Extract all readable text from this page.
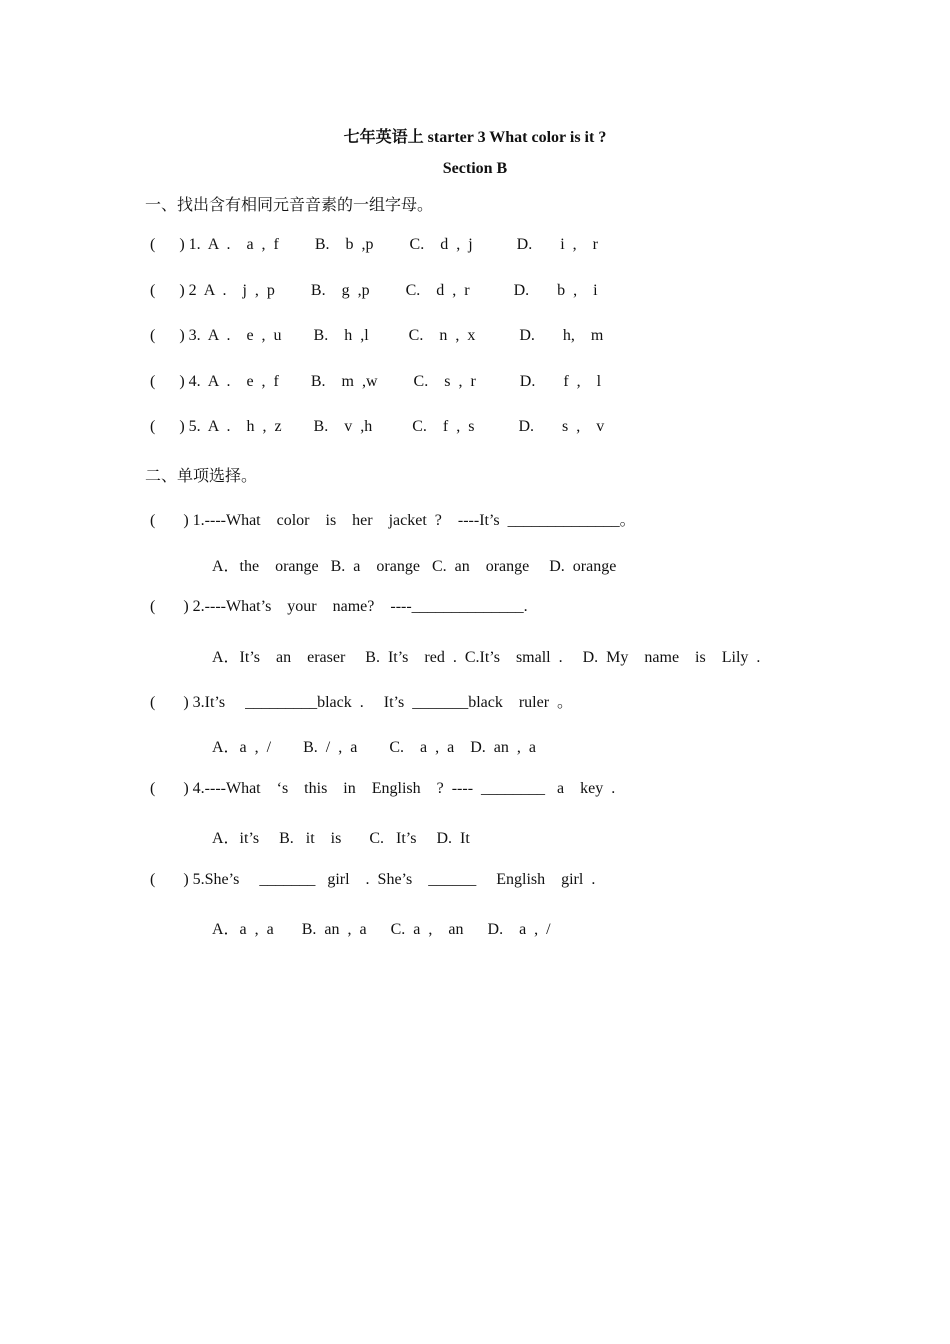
七年英语上 starter 3 What color is it ?
Section B
一、找出含有相同元音音素的一组字母。
(      ) 1.  A  .    a  ,  f         B.    b  ,p         C.    d  ,  j           D.       i  ,    r
(      ) 2  A  .    j  ,  p         B.    g  ,p         C.    d  ,  r           D.       b  ,    i
(      ) 3.  A  .    e  ,  u        B.    h  ,l          C.    n  ,  x           D.       h,    m
(      ) 4.  A  .    e  ,  f        B.    m  ,w         C.    s  ,  r           D.       f  ,    l
(      ) 5.  A  .    h  ,  z        B.    v  ,h          C.    f  ,  s           D.       s  ,    v
二、单项选择。
(       ) 1.----What    color    is    her    jacket  ?    ----It’s  ______________。
A．the    orange   B.  a    orange   C.  an    orange     D.  orange
(       ) 2.----What’s    your    name?    ----______________.
A．It’s    an    eraser     B.  It’s    red  .  C.It’s    small  .     D.  My    name    is    Lily  .
(       ) 3.It’s     _________black  .     It’s  _______black    ruler  。
A．a  ,  /        B.  /  ,  a        C.    a  ,  a    D.  an  ,  a
(       ) 4.----What    ‘s    this    in    English    ?  ----  ________   a    key  .
A．it’s     B.   it    is       C.   It’s     D.  It
(       ) 5.She’s     _______   girl    .  She’s    ______     English    girl  .
A．a  ,  a       B.  an  ,  a      C.  a  ,    an      D.    a  ,  /
